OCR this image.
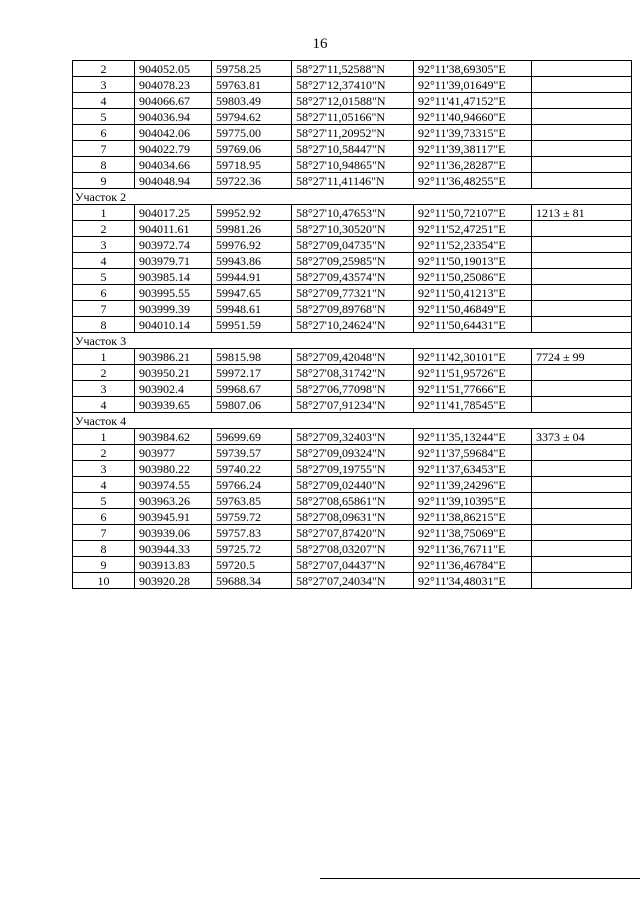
16
2	904052.05	59758.25	58°27'11,52588"N	92°11'38,69305"E	
3	904078.23	59763.81	58°27'12,37410"N	92°11'39,01649"E	
4	904066.67	59803.49	58°27'12,01588"N	92°11'41,47152"E	
5	904036.94	59794.62	58°27'11,05166"N	92°11'40,94660"E	
6	904042.06	59775.00	58°27'11,20952"N	92°11'39,73315"E	
7	904022.79	59769.06	58°27'10,58447"N	92°11'39,38117"E	
8	904034.66	59718.95	58°27'10,94865"N	92°11'36,28287"E	
9	904048.94	59722.36	58°27'11,41146"N	92°11'36,48255"E	
Участок 2					
1	904017.25	59952.92	58°27'10,47653"N	92°11'50,72107"E	1213 ± 81
2	904011.61	59981.26	58°27'10,30520"N	92°11'52,47251"E	
3	903972.74	59976.92	58°27'09,04735"N	92°11'52,23354"E	
4	903979.71	59943.86	58°27'09,25985"N	92°11'50,19013"E	
5	903985.14	59944.91	58°27'09,43574"N	92°11'50,25086"E	
6	903995.55	59947.65	58°27'09,77321"N	92°11'50,41213"E	
7	903999.39	59948.61	58°27'09,89768"N	92°11'50,46849"E	
8	904010.14	59951.59	58°27'10,24624"N	92°11'50,64431"E	
Участок 3					
1	903986.21	59815.98	58°27'09,42048"N	92°11'42,30101"E	7724 ± 99
2	903950.21	59972.17	58°27'08,31742"N	92°11'51,95726"E	
3	903902.4	59968.67	58°27'06,77098"N	92°11'51,77666"E	
4	903939.65	59807.06	58°27'07,91234"N	92°11'41,78545"E	
Участок 4					
1	903984.62	59699.69	58°27'09,32403"N	92°11'35,13244"E	3373 ± 04
2	903977	59739.57	58°27'09,09324"N	92°11'37,59684"E	
3	903980.22	59740.22	58°27'09,19755"N	92°11'37,63453"E	
4	903974.55	59766.24	58°27'09,02440"N	92°11'39,24296"E	
5	903963.26	59763.85	58°27'08,65861"N	92°11'39,10395"E	
6	903945.91	59759.72	58°27'08,09631"N	92°11'38,86215"E	
7	903939.06	59757.83	58°27'07,87420"N	92°11'38,75069"E	
8	903944.33	59725.72	58°27'08,03207"N	92°11'36,76711"E	
9	903913.83	59720.5	58°27'07,04437"N	92°11'36,46784"E	
10	903920.28	59688.34	58°27'07,24034"N	92°11'34,48031"E	
